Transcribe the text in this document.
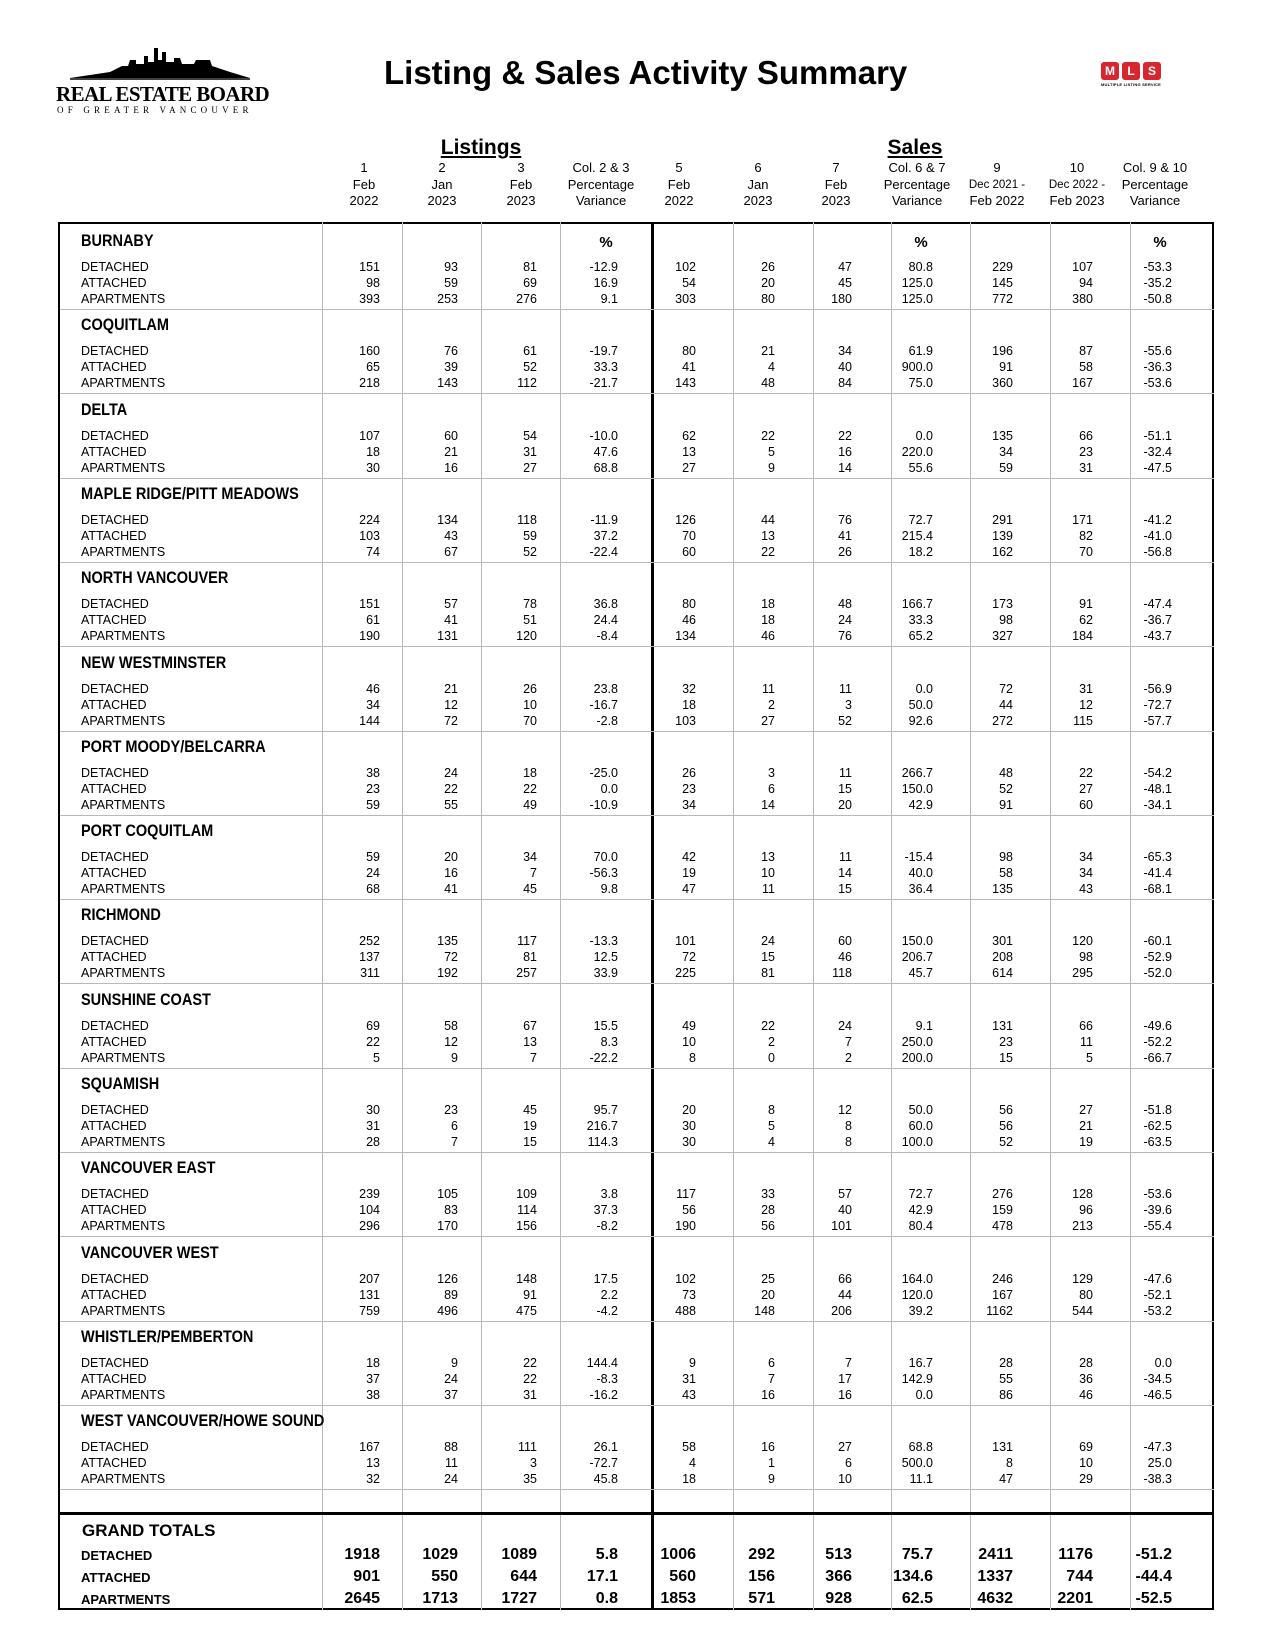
REAL ESTATE BOARD
OF GREATER VANCOUVER
Listing & Sales Activity Summary	M	L	S
MULTIPLE LISTING SERVICE
Listings	Sales
1
Feb
2022
2
Jan
2023
3
Feb
2023
Col. 2 & 3
Percentage
Variance
5
Feb
2022
6
Jan
2023
7
Feb
2023
Col. 6 & 7
Percentage
Variance
9
Dec 2021 -
Feb 2022
10
Dec 2022 -
Feb 2023
Col. 9 & 10
Percentage
Variance
BURNABY	%	%	%
DETACHED	151	93	81	-12.9	102	26	47	80.8	229	107	-53.3
ATTACHED	98	59	69	16.9	54	20	45	125.0	145	94	-35.2
APARTMENTS	393	253	276	9.1	303	80	180	125.0	772	380	-50.8
COQUITLAM
DETACHED	160	76	61	-19.7	80	21	34	61.9	196	87	-55.6
ATTACHED	65	39	52	33.3	41	4	40	900.0	91	58	-36.3
APARTMENTS	218	143	112	-21.7	143	48	84	75.0	360	167	-53.6
DELTA
DETACHED	107	60	54	-10.0	62	22	22	0.0	135	66	-51.1
ATTACHED	18	21	31	47.6	13	5	16	220.0	34	23	-32.4
APARTMENTS	30	16	27	68.8	27	9	14	55.6	59	31	-47.5
MAPLE RIDGE/PITT MEADOWS
DETACHED	224	134	118	-11.9	126	44	76	72.7	291	171	-41.2
ATTACHED	103	43	59	37.2	70	13	41	215.4	139	82	-41.0
APARTMENTS	74	67	52	-22.4	60	22	26	18.2	162	70	-56.8
NORTH VANCOUVER
DETACHED	151	57	78	36.8	80	18	48	166.7	173	91	-47.4
ATTACHED	61	41	51	24.4	46	18	24	33.3	98	62	-36.7
APARTMENTS	190	131	120	-8.4	134	46	76	65.2	327	184	-43.7
NEW WESTMINSTER
DETACHED	46	21	26	23.8	32	11	11	0.0	72	31	-56.9
ATTACHED	34	12	10	-16.7	18	2	3	50.0	44	12	-72.7
APARTMENTS	144	72	70	-2.8	103	27	52	92.6	272	115	-57.7
PORT MOODY/BELCARRA
DETACHED	38	24	18	-25.0	26	3	11	266.7	48	22	-54.2
ATTACHED	23	22	22	0.0	23	6	15	150.0	52	27	-48.1
APARTMENTS	59	55	49	-10.9	34	14	20	42.9	91	60	-34.1
PORT COQUITLAM
DETACHED	59	20	34	70.0	42	13	11	-15.4	98	34	-65.3
ATTACHED	24	16	7	-56.3	19	10	14	40.0	58	34	-41.4
APARTMENTS	68	41	45	9.8	47	11	15	36.4	135	43	-68.1
RICHMOND
DETACHED	252	135	117	-13.3	101	24	60	150.0	301	120	-60.1
ATTACHED	137	72	81	12.5	72	15	46	206.7	208	98	-52.9
APARTMENTS	311	192	257	33.9	225	81	118	45.7	614	295	-52.0
SUNSHINE COAST
DETACHED	69	58	67	15.5	49	22	24	9.1	131	66	-49.6
ATTACHED	22	12	13	8.3	10	2	7	250.0	23	11	-52.2
APARTMENTS	5	9	7	-22.2	8	0	2	200.0	15	5	-66.7
SQUAMISH
DETACHED	30	23	45	95.7	20	8	12	50.0	56	27	-51.8
ATTACHED	31	6	19	216.7	30	5	8	60.0	56	21	-62.5
APARTMENTS	28	7	15	114.3	30	4	8	100.0	52	19	-63.5
VANCOUVER EAST
DETACHED	239	105	109	3.8	117	33	57	72.7	276	128	-53.6
ATTACHED	104	83	114	37.3	56	28	40	42.9	159	96	-39.6
APARTMENTS	296	170	156	-8.2	190	56	101	80.4	478	213	-55.4
VANCOUVER WEST
DETACHED	207	126	148	17.5	102	25	66	164.0	246	129	-47.6
ATTACHED	131	89	91	2.2	73	20	44	120.0	167	80	-52.1
APARTMENTS	759	496	475	-4.2	488	148	206	39.2	1162	544	-53.2
WHISTLER/PEMBERTON
DETACHED	18	9	22	144.4	9	6	7	16.7	28	28	0.0
ATTACHED	37	24	22	-8.3	31	7	17	142.9	55	36	-34.5
APARTMENTS	38	37	31	-16.2	43	16	16	0.0	86	46	-46.5
WEST VANCOUVER/HOWE SOUND
DETACHED	167	88	111	26.1	58	16	27	68.8	131	69	-47.3
ATTACHED	13	11	3	-72.7	4	1	6	500.0	8	10	25.0
APARTMENTS	32	24	35	45.8	18	9	10	11.1	47	29	-38.3
GRAND TOTALS
DETACHED	1918	1029	1089	5.8	1006	292	513	75.7	2411	1176	-51.2
ATTACHED	901	550	644	17.1	560	156	366	134.6	1337	744	-44.4
APARTMENTS	2645	1713	1727	0.8	1853	571	928	62.5	4632	2201	-52.5
